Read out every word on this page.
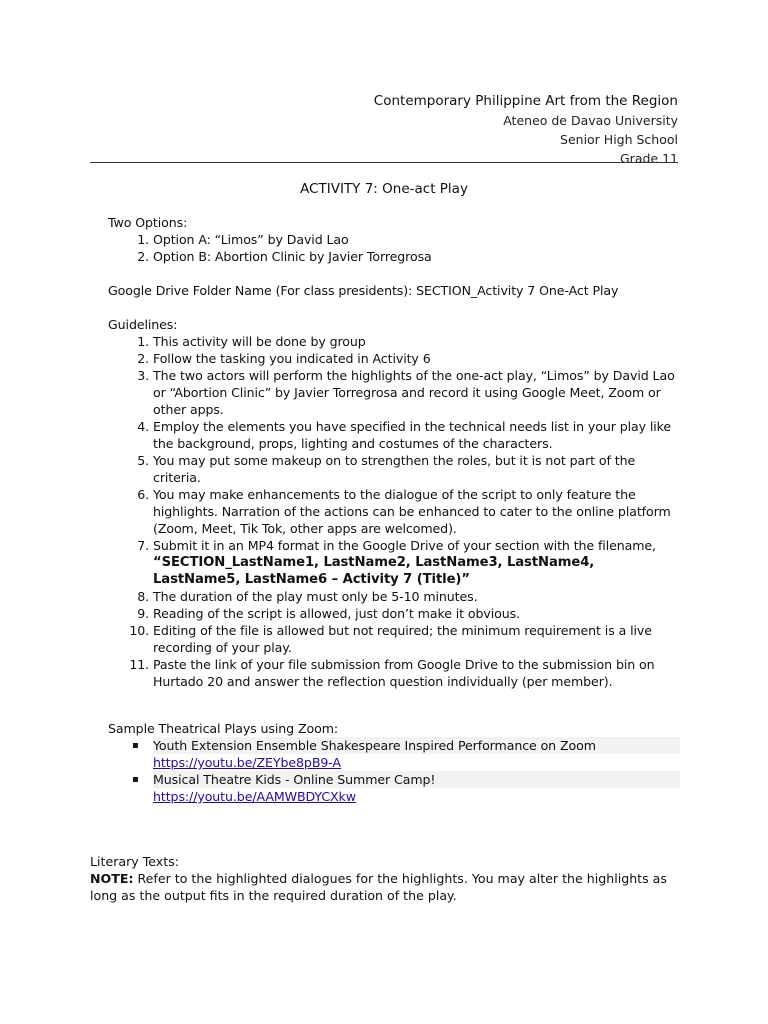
Contemporary Philippine Art from the Region
Ateneo de Davao University
Senior High School
Grade 11
ACTIVITY 7: One-act Play
Two Options:
1. Option A: “Limos” by David Lao
2. Option B: Abortion Clinic by Javier Torregrosa
Google Drive Folder Name (For class presidents): SECTION_Activity 7 One-Act Play
Guidelines:
1. This activity will be done by group
2. Follow the tasking you indicated in Activity 6
3. The two actors will perform the highlights of the one-act play, “Limos” by David Lao or “Abortion Clinic” by Javier Torregrosa and record it using Google Meet, Zoom or other apps.
4. Employ the elements you have specified in the technical needs list in your play like the background, props, lighting and costumes of the characters.
5. You may put some makeup on to strengthen the roles, but it is not part of the criteria.
6. You may make enhancements to the dialogue of the script to only feature the highlights. Narration of the actions can be enhanced to cater to the online platform (Zoom, Meet, Tik Tok, other apps are welcomed).
7. Submit it in an MP4 format in the Google Drive of your section with the filename,
“SECTION_LastName1, LastName2, LastName3, LastName4, LastName5, LastName6 – Activity 7 (Title)”
8. The duration of the play must only be 5-10 minutes.
9. Reading of the script is allowed, just don’t make it obvious.
10. Editing of the file is allowed but not required; the minimum requirement is a live recording of your play.
11. Paste the link of your file submission from Google Drive to the submission bin on Hurtado 20 and answer the reflection question individually (per member).
Sample Theatrical Plays using Zoom:
▪ Youth Extension Ensemble Shakespeare Inspired Performance on Zoom
https://youtu.be/ZEYbe8pB9-A
▪ Musical Theatre Kids - Online Summer Camp!
https://youtu.be/AAMWBDYCXkw
Literary Texts:
NOTE: Refer to the highlighted dialogues for the highlights. You may alter the highlights as long as the output fits in the required duration of the play.
